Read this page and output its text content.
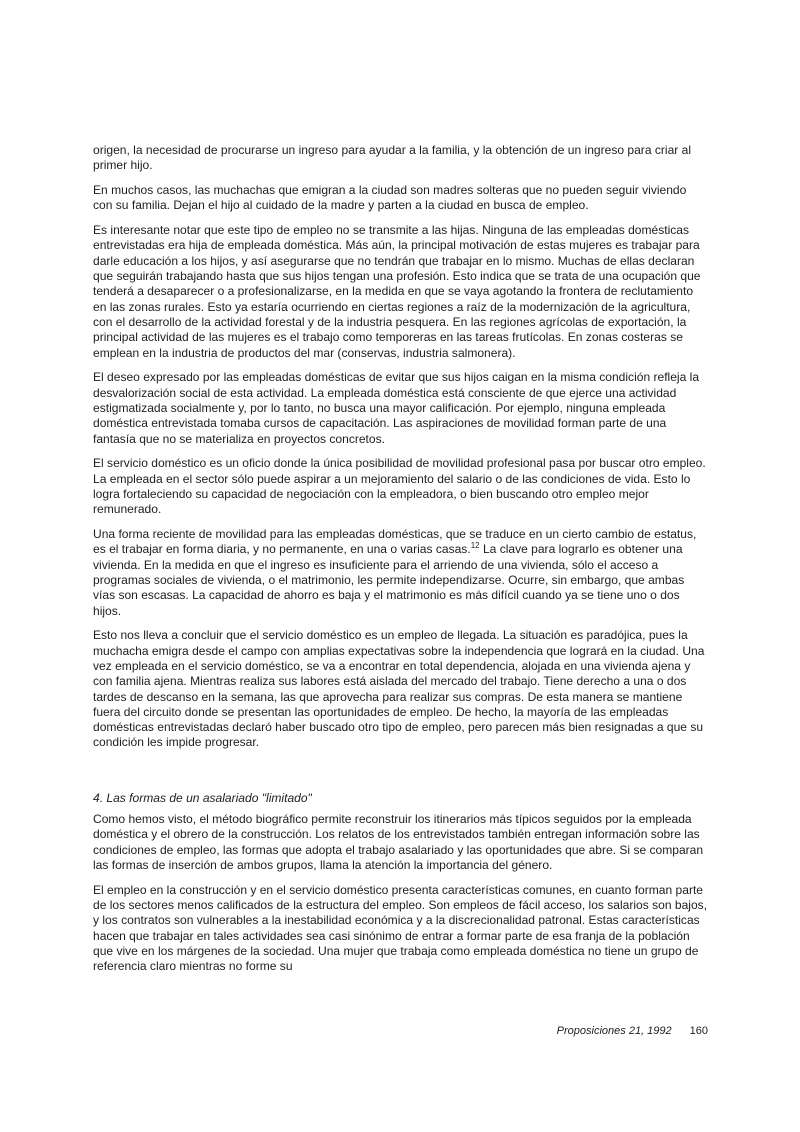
origen, la necesidad de procurarse un ingreso para ayudar a la familia, y la obtención de un ingreso para criar al primer hijo.

En muchos casos, las muchachas que emigran a la ciudad son madres solteras que no pueden seguir viviendo con su familia. Dejan el hijo al cuidado de la madre y parten a la ciudad en busca de empleo.

Es interesante notar que este tipo de empleo no se transmite a las hijas. Ninguna de las empleadas domésticas entrevistadas era hija de empleada doméstica. Más aún, la principal motivación de estas mujeres es trabajar para darle educación a los hijos, y así asegurarse que no tendrán que trabajar en lo mismo. Muchas de ellas declaran que seguirán trabajando hasta que sus hijos tengan una profesión. Esto indica que se trata de una ocupación que tenderá a desaparecer o a profesionalizarse, en la medida en que se vaya agotando la frontera de reclutamiento en las zonas rurales. Esto ya estaría ocurriendo en ciertas regiones a raíz de la modernización de la agricultura, con el desarrollo de la actividad forestal y de la industria pesquera. En las regiones agrícolas de exportación, la principal actividad de las mujeres es el trabajo como temporeras en las tareas frutícolas. En zonas costeras se emplean en la industria de productos del mar (conservas, industria salmonera).

El deseo expresado por las empleadas domésticas de evitar que sus hijos caigan en la misma condición refleja la desvalorización social de esta actividad. La empleada doméstica está consciente de que ejerce una actividad estigmatizada socialmente y, por lo tanto, no busca una mayor calificación. Por ejemplo, ninguna empleada doméstica entrevistada tomaba cursos de capacitación. Las aspiraciones de movilidad forman parte de una fantasía que no se materializa en proyectos concretos.

El servicio doméstico es un oficio donde la única posibilidad de movilidad profesional pasa por buscar otro empleo. La empleada en el sector sólo puede aspirar a un mejoramiento del salario o de las condiciones de vida. Esto lo logra fortaleciendo su capacidad de negociación con la empleadora, o bien buscando otro empleo mejor remunerado.

Una forma reciente de movilidad para las empleadas domésticas, que se traduce en un cierto cambio de estatus, es el trabajar en forma diaria, y no permanente, en una o varias casas.$^{12}$ La clave para lograrlo es obtener una vivienda. En la medida en que el ingreso es insuficiente para el arriendo de una vivienda, sólo el acceso a programas sociales de vivienda, o el matrimonio, les permite independizarse. Ocurre, sin embargo, que ambas vías son escasas. La capacidad de ahorro es baja y el matrimonio es más difícil cuando ya se tiene uno o dos hijos.

Esto nos lleva a concluir que el servicio doméstico es un empleo de llegada. La situación es paradójica, pues la muchacha emigra desde el campo con amplias expectativas sobre la independencia que logrará en la ciudad. Una vez empleada en el servicio doméstico, se va a encontrar en total dependencia, alojada en una vivienda ajena y con familia ajena. Mientras realiza sus labores está aislada del mercado del trabajo. Tiene derecho a una o dos tardes de descanso en la semana, las que aprovecha para realizar sus compras. De esta manera se mantiene fuera del circuito donde se presentan las oportunidades de empleo. De hecho, la mayoría de las empleadas domésticas entrevistadas declaró haber buscado otro tipo de empleo, pero parecen más bien resignadas a que su condición les impide progresar.

4. Las formas de un asalariado "limitado"

Como hemos visto, el método biográfico permite reconstruir los itinerarios más típicos seguidos por la empleada doméstica y el obrero de la construcción. Los relatos de los entrevistados también entregan información sobre las condiciones de empleo, las formas que adopta el trabajo asalariado y las oportunidades que abre. Si se comparan las formas de inserción de ambos grupos, llama la atención la importancia del género.

El empleo en la construcción y en el servicio doméstico presenta características comunes, en cuanto forman parte de los sectores menos calificados de la estructura del empleo. Son empleos de fácil acceso, los salarios son bajos, y los contratos son vulnerables a la inestabilidad económica y a la discrecionalidad patronal. Estas características hacen que trabajar en tales actividades sea casi sinónimo de entrar a formar parte de esa franja de la población que vive en los márgenes de la sociedad. Una mujer que trabaja como empleada doméstica no tiene un grupo de referencia claro mientras no forme su

Proposiciones 21, 1992 160
